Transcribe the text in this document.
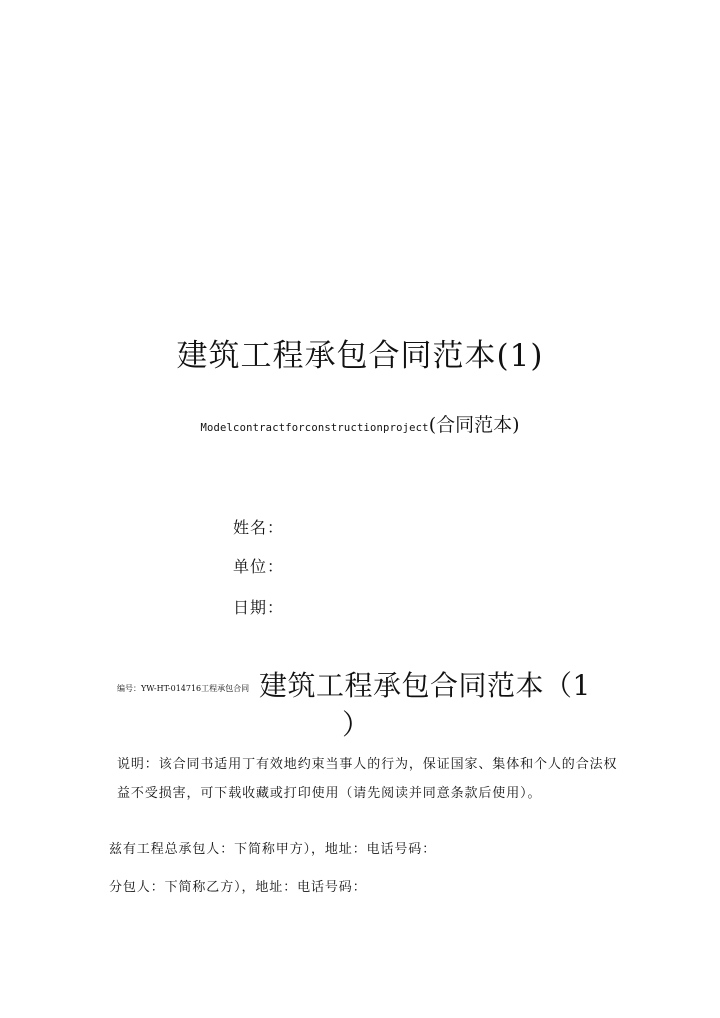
建筑工程承包合同范本(1)
Modelcontractforconstructionproject(合同范本)
姓名：
单位：
日期：
编号：YW-HT-014716工程承包合同 建筑工程承包合同范本（1
）
说明：该合同书适用丁有效地约束当事人的行为，保证国家、集体和个人的合法权
益不受损害，可下载收藏或打印使用（请先阅读并同意条款后使用）。
兹有工程总承包人：下简称甲方），地址：电话号码：
分包人：下简称乙方），地址：电话号码：
